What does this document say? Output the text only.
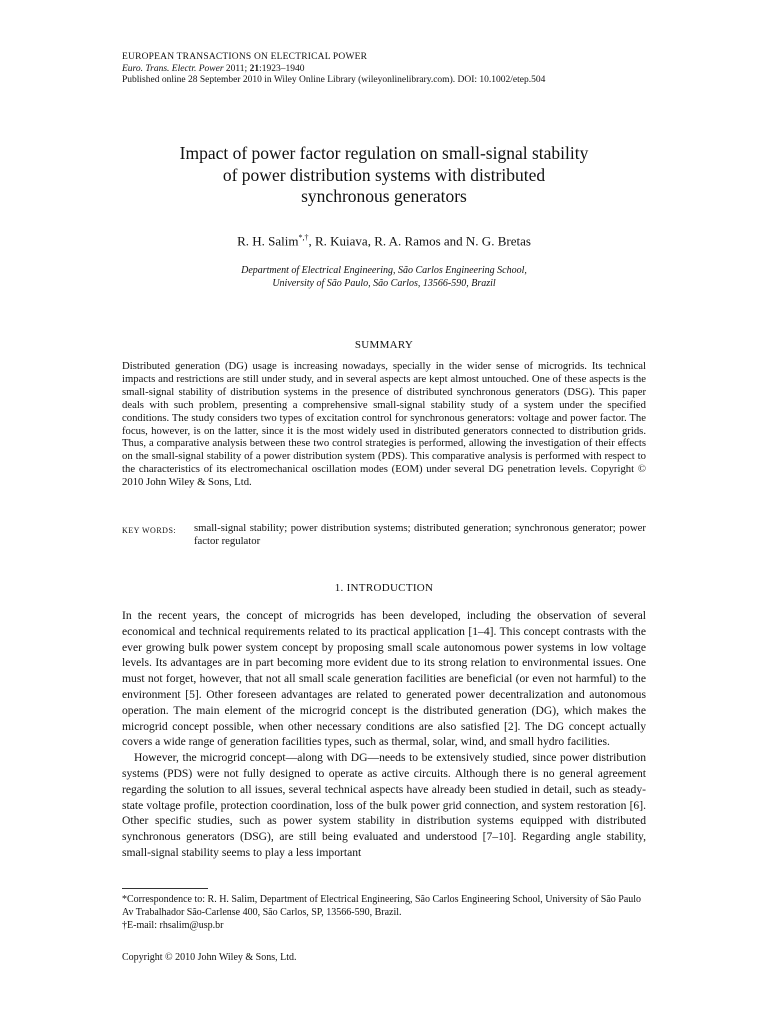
EUROPEAN TRANSACTIONS ON ELECTRICAL POWER
Euro. Trans. Electr. Power 2011; 21:1923–1940
Published online 28 September 2010 in Wiley Online Library (wileyonlinelibrary.com). DOI: 10.1002/etep.504
Impact of power factor regulation on small-signal stability
of power distribution systems with distributed
synchronous generators
R. H. Salim*,†, R. Kuiava, R. A. Ramos and N. G. Bretas
Department of Electrical Engineering, São Carlos Engineering School,
University of São Paulo, São Carlos, 13566-590, Brazil
SUMMARY
Distributed generation (DG) usage is increasing nowadays, specially in the wider sense of microgrids. Its technical impacts and restrictions are still under study, and in several aspects are kept almost untouched. One of these aspects is the small-signal stability of distribution systems in the presence of distributed synchronous generators (DSG). This paper deals with such problem, presenting a comprehensive small-signal stability study of a system under the specified conditions. The study considers two types of excitation control for synchronous generators: voltage and power factor. The focus, however, is on the latter, since it is the most widely used in distributed generators connected to distribution grids. Thus, a comparative analysis between these two control strategies is performed, allowing the investigation of their effects on the small-signal stability of a power distribution system (PDS). This comparative analysis is performed with respect to the characteristics of its electromechanical oscillation modes (EOM) under several DG penetration levels. Copyright © 2010 John Wiley & Sons, Ltd.
KEY WORDS:	small-signal stability; power distribution systems; distributed generation; synchronous generator; power factor regulator
1. INTRODUCTION

In the recent years, the concept of microgrids has been developed, including the observation of several economical and technical requirements related to its practical application [1–4]. This concept contrasts with the ever growing bulk power system concept by proposing small scale autonomous power systems in low voltage levels. Its advantages are in part becoming more evident due to its strong relation to environmental issues. One must not forget, however, that not all small scale generation facilities are beneficial (or even not harmful) to the environment [5]. Other foreseen advantages are related to generated power decentralization and autonomous operation. The main element of the microgrid concept is the distributed generation (DG), which makes the microgrid concept possible, when other necessary conditions are also satisfied [2]. The DG concept actually covers a wide range of generation facilities types, such as thermal, solar, wind, and small hydro facilities.

However, the microgrid concept—along with DG—needs to be extensively studied, since power distribution systems (PDS) were not fully designed to operate as active circuits. Although there is no general agreement regarding the solution to all issues, several technical aspects have already been studied in detail, such as steady-state voltage profile, protection coordination, loss of the bulk power grid connection, and system restoration [6]. Other specific studies, such as power system stability in distribution systems equipped with distributed synchronous generators (DSG), are still being evaluated and understood [7–10]. Regarding angle stability, small-signal stability seems to play a less important

*Correspondence to: R. H. Salim, Department of Electrical Engineering, São Carlos Engineering School, University of São Paulo Av Trabalhador São-Carlense 400, São Carlos, SP, 13566-590, Brazil.
†E-mail: rhsalim@usp.br
Copyright © 2010 John Wiley & Sons, Ltd.
